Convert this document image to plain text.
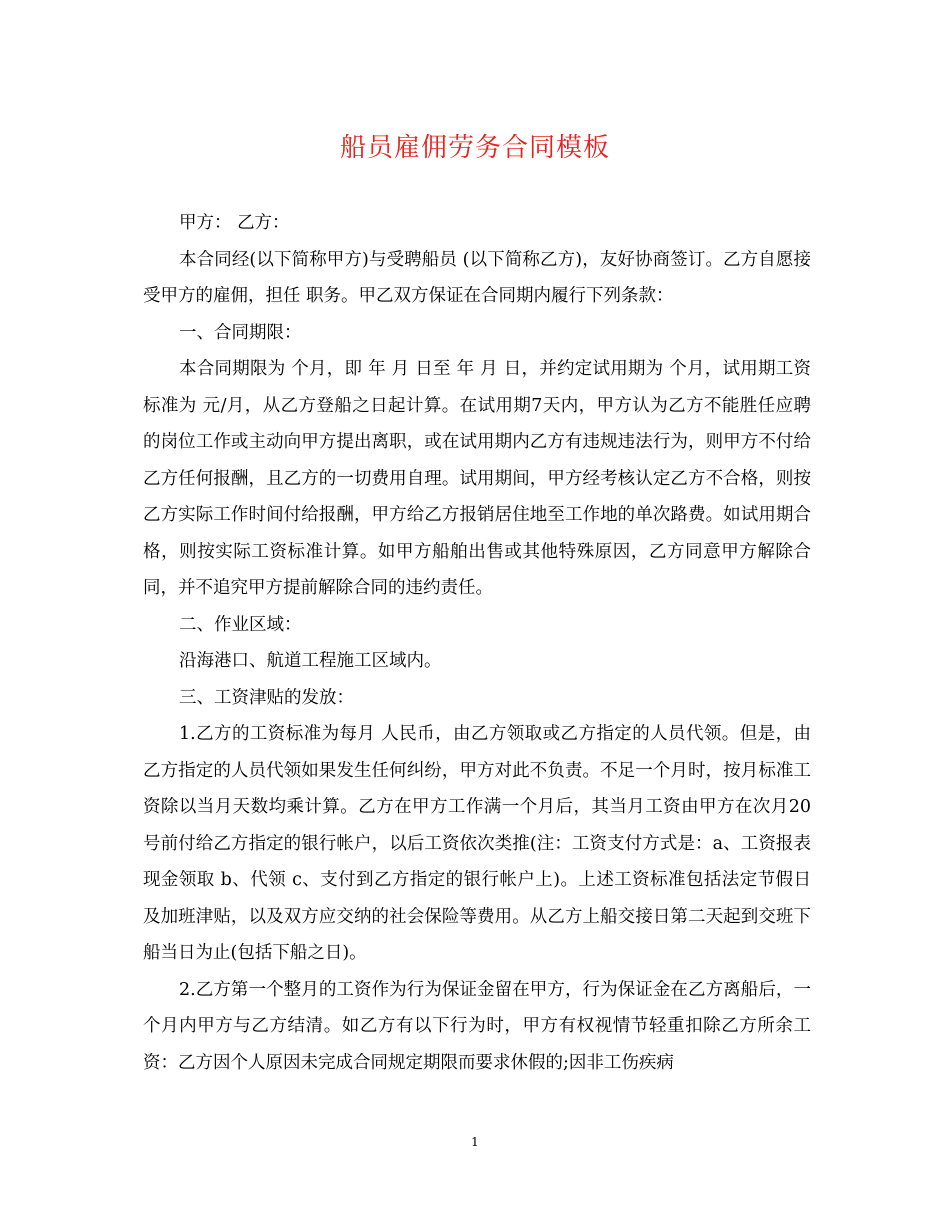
船员雇佣劳务合同模板

甲方： 乙方：

本合同经(以下简称甲方)与受聘船员 (以下简称乙方)，友好协商签订。乙方自愿接受甲方的雇佣，担任 职务。甲乙双方保证在合同期内履行下列条款：

一、合同期限：

本合同期限为 个月，即 年 月 日至 年 月 日，并约定试用期为 个月，试用期工资标准为 元/月，从乙方登船之日起计算。在试用期7天内，甲方认为乙方不能胜任应聘的岗位工作或主动向甲方提出离职，或在试用期内乙方有违规违法行为，则甲方不付给乙方任何报酬，且乙方的一切费用自理。试用期间，甲方经考核认定乙方不合格，则按乙方实际工作时间付给报酬，甲方给乙方报销居住地至工作地的单次路费。如试用期合格，则按实际工资标准计算。如甲方船舶出售或其他特殊原因，乙方同意甲方解除合同，并不追究甲方提前解除合同的违约责任。

二、作业区域：

沿海港口、航道工程施工区域内。

三、工资津贴的发放：

1.乙方的工资标准为每月 人民币，由乙方领取或乙方指定的人员代领。但是，由乙方指定的人员代领如果发生任何纠纷，甲方对此不负责。不足一个月时，按月标准工资除以当月天数均乘计算。乙方在甲方工作满一个月后，其当月工资由甲方在次月20号前付给乙方指定的银行帐户，以后工资依次类推(注：工资支付方式是：a、工资报表现金领取 b、代领 c、支付到乙方指定的银行帐户上)。上述工资标准包括法定节假日及加班津贴，以及双方应交纳的社会保险等费用。从乙方上船交接日第二天起到交班下船当日为止(包括下船之日)。

2.乙方第一个整月的工资作为行为保证金留在甲方，行为保证金在乙方离船后，一个月内甲方与乙方结清。如乙方有以下行为时，甲方有权视情节轻重扣除乙方所余工资：乙方因个人原因未完成合同规定期限而要求休假的;因非工伤疾病

1
